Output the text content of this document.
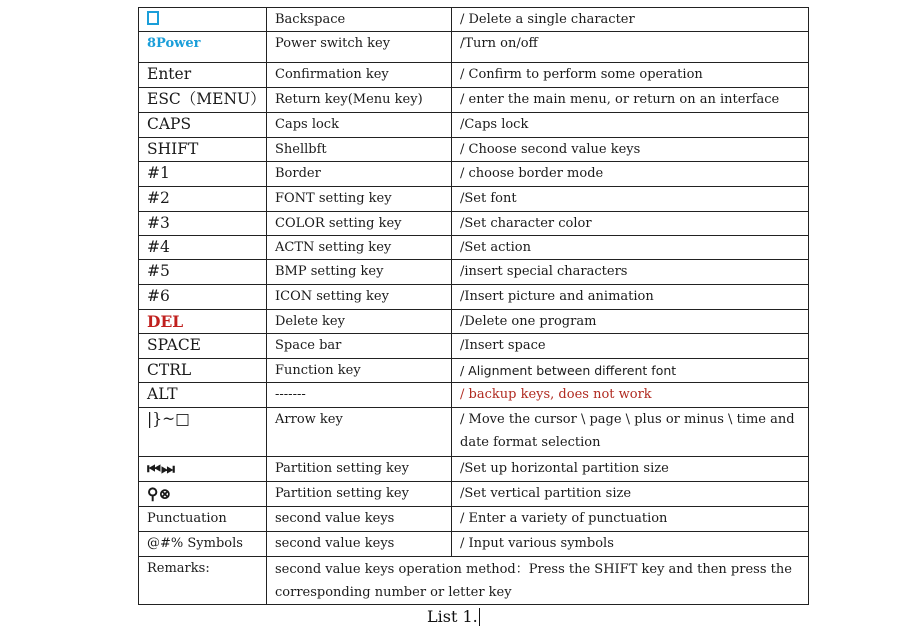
	Backspace	/ Delete a single character
8Power	Power switch key	/Turn on/off
Enter	Confirmation key	/ Confirm to perform some operation
ESC（MENU）	Return key(Menu key)	/ enter the main menu, or return on an interface
CAPS	Caps lock	/Caps lock
SHIFT	Shellbft	/ Choose second value keys
#1	Border	/ choose border mode
#2	FONT setting key	/Set font
#3	COLOR setting key	/Set character color
#4	ACTN setting key	/Set action
#5	BMP setting key	/insert special characters
#6	ICON setting key	/Insert picture and animation
DEL	Delete key	/Delete one program
SPACE	Space bar	/Insert space
CTRL	Function key	/ Alignment between different font
ALT	-------	/ backup keys, does not work
|}~□	Arrow key	/ Move the cursor \ page \ plus or minus \ time and date format selection
⏮⏭	Partition setting key	/Set up horizontal partition size
⚲⊗	Partition setting key	/Set vertical partition size
Punctuation	second value keys	/ Enter a variety of punctuation
@#% Symbols	second value keys	/ Input various symbols
Remarks:	second value keys operation method：Press the SHIFT key and then press the corresponding number or letter key	
List 1.
